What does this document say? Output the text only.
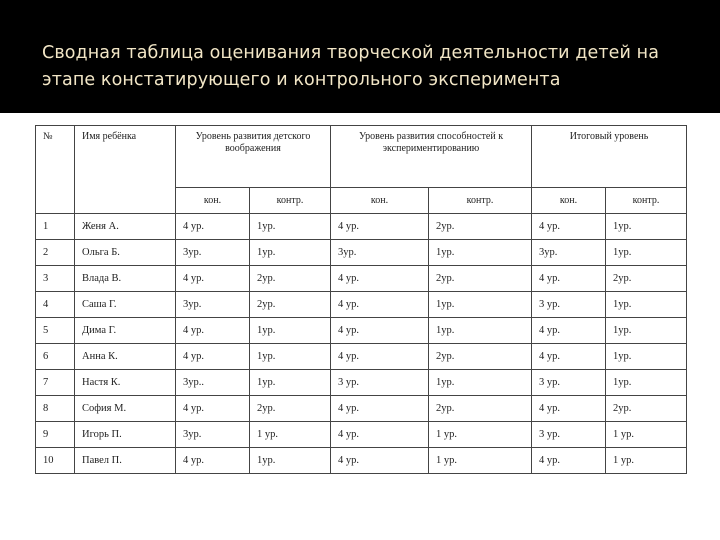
Сводная таблица оценивания творческой деятельности детей на этапе констатирующего и контрольного эксперимента
№	Имя ребёнка	Уровень развития детского воображения		Уровень развития способностей к экспериментированию		Итоговый уровень	
		кон.	контр.	кон.	контр.	кон.	контр.
1	Женя А.	4 ур.	1ур.	4 ур.	2ур.	4 ур.	1ур.
2	Ольга Б.	3ур.	1ур.	3ур.	1ур.	3ур.	1ур.
3	Влада В.	4 ур.	2ур.	4 ур.	2ур.	4 ур.	2ур.
4	Саша Г.	3ур.	2ур.	4 ур.	1ур.	3 ур.	1ур.
5	Дима Г.	4 ур.	1ур.	4 ур.	1ур.	4 ур.	1ур.
6	Анна К.	4 ур.	1ур.	4 ур.	2ур.	4 ур.	1ур.
7	Настя К.	3ур..	1ур.	3 ур.	1ур.	3 ур.	1ур.
8	София М.	4 ур.	2ур.	4 ур.	2ур.	4 ур.	2ур.
9	Игорь П.	3ур.	1 ур.	4 ур.	1 ур.	3 ур.	1 ур.
10	Павел П.	4 ур.	1ур.	4 ур.	1 ур.	4 ур.	1 ур.
